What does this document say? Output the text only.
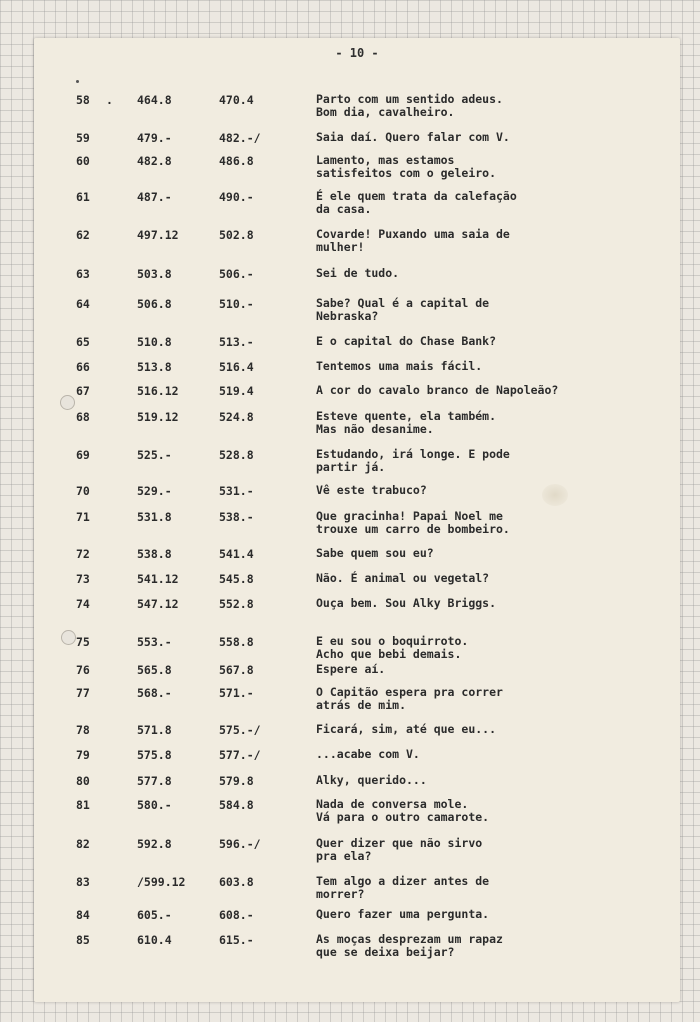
- 10 -
58 . 464.8	470.4	Parto com um sentido adeus.
Bom dia, cavalheiro.
59	479.-	482.-/	Saia daí. Quero falar com V.
60	482.8	486.8	Lamento, mas estamos
satisfeitos com o geleiro.
61	487.-	490.-	É ele quem trata da calefação
da casa.
62	497.12	502.8	Covarde! Puxando uma saia de
mulher!
63	503.8	506.-	Sei de tudo.
64	506.8	510.-	Sabe? Qual é a capital de
Nebraska?
65	510.8	513.-	E o capital do Chase Bank?
66	513.8	516.4	Tentemos uma mais fácil.
67	516.12	519.4	A cor do cavalo branco de Napoleão?
68	519.12	524.8	Esteve quente, ela também.
Mas não desanime.
69	525.-	528.8	Estudando, irá longe. E pode
partir já.
70	529.-	531.-	Vê este trabuco?
71	531.8	538.-	Que gracinha! Papai Noel me
trouxe um carro de bombeiro.
72	538.8	541.4	Sabe quem sou eu?
73	541.12	545.8	Não. É animal ou vegetal?
74	547.12	552.8	Ouça bem. Sou Alky Briggs.
75	553.-	558.8	E eu sou o boquirroto.
Acho que bebi demais.
76	565.8	567.8	Espere aí.
77	568.-	571.-	O Capitão espera pra correr
atrás de mim.
78	571.8	575.-/	Ficará, sim, até que eu...
79	575.8	577.-/	...acabe com V.
80	577.8	579.8	Alky, querido...
81	580.-	584.8	Nada de conversa mole.
Vá para o outro camarote.
82	592.8	596.-/	Quer dizer que não sirvo
pra ela?
83	/599.12	603.8	Tem algo a dizer antes de
morrer?
84	605.-	608.-	Quero fazer uma pergunta.
85	610.4	615.-	As moças desprezam um rapaz
que se deixa beijar?
